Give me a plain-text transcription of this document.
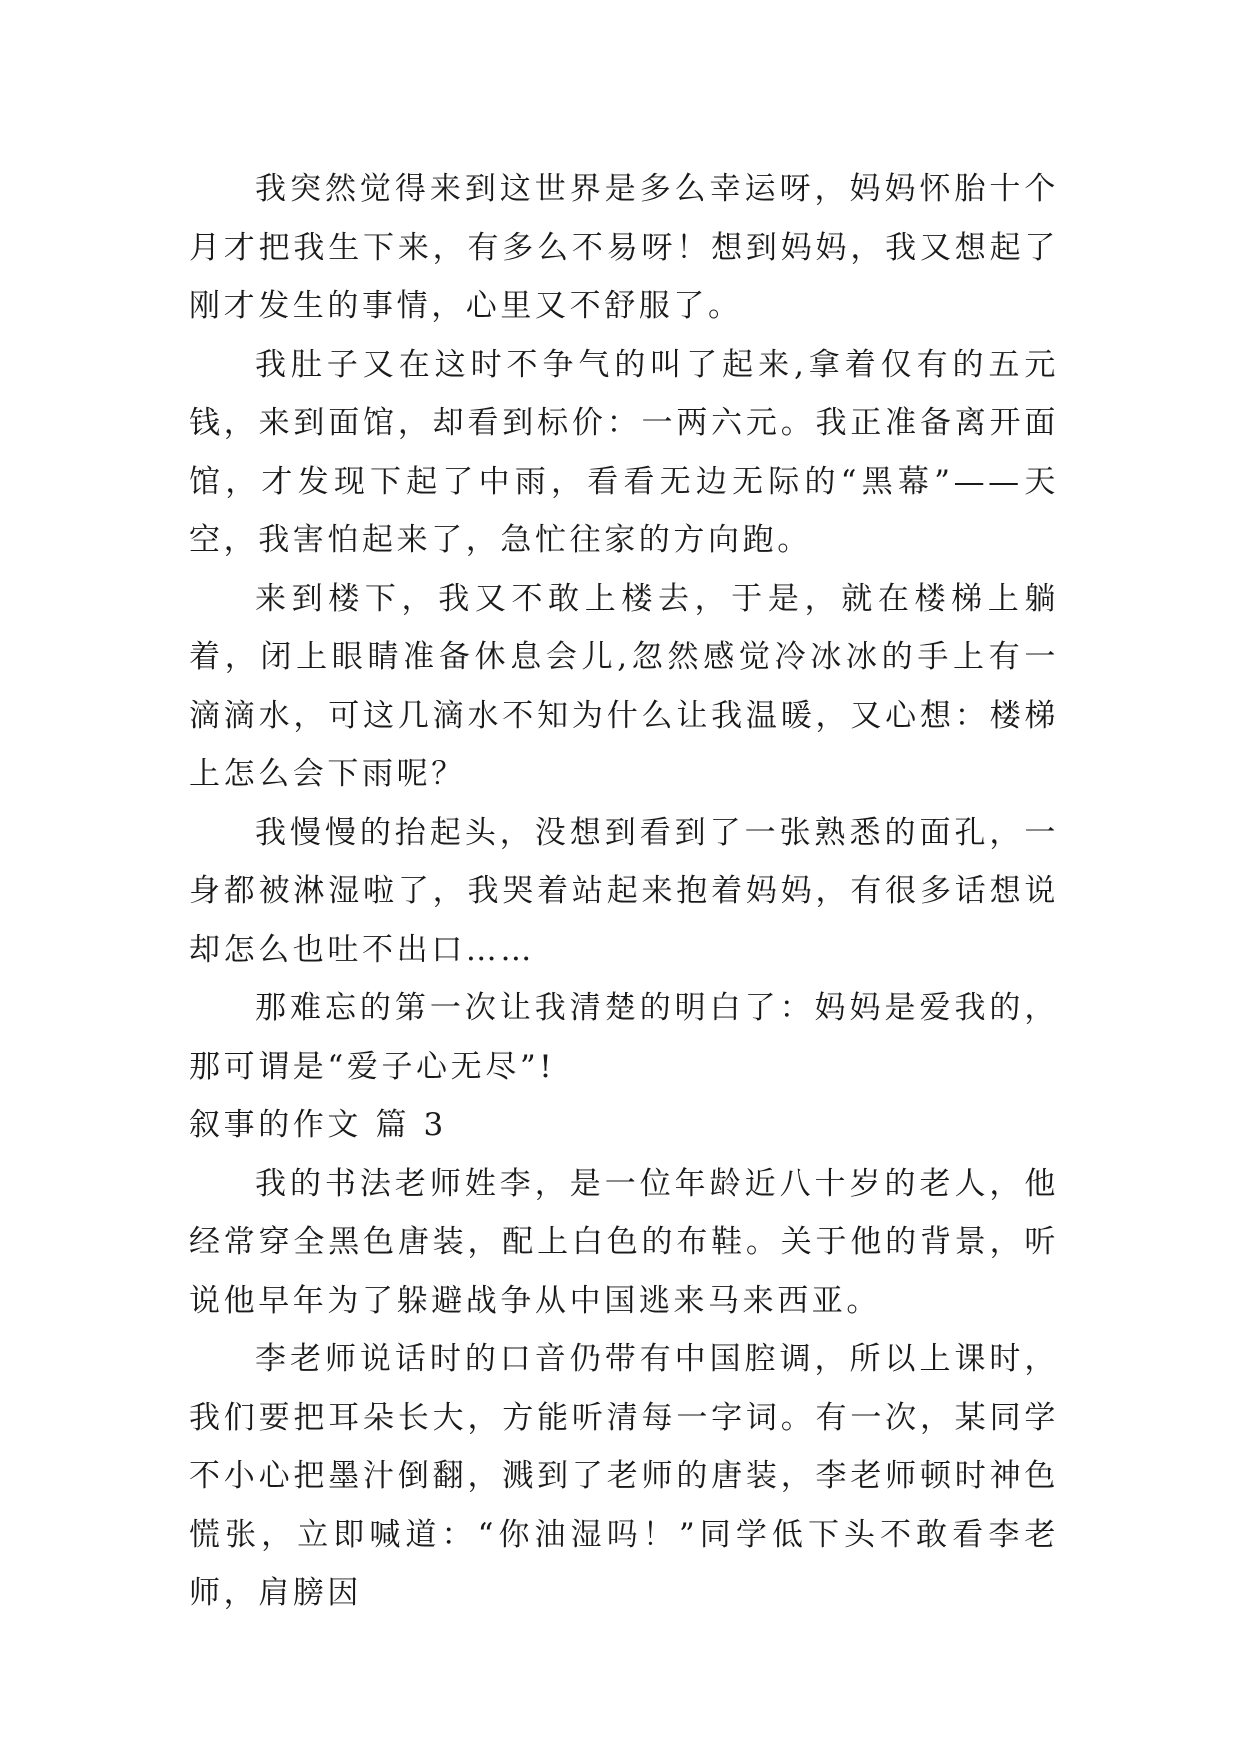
我突然觉得来到这世界是多么幸运呀，妈妈怀胎十个月才把我生下来，有多么不易呀！想到妈妈，我又想起了刚才发生的事情，心里又不舒服了。

我肚子又在这时不争气的叫了起来,拿着仅有的五元钱，来到面馆，却看到标价：一两六元。我正准备离开面馆，才发现下起了中雨，看看无边无际的“黑幕”——天空，我害怕起来了，急忙往家的方向跑。

来到楼下，我又不敢上楼去，于是，就在楼梯上躺着，闭上眼睛准备休息会儿,忽然感觉冷冰冰的手上有一滴滴水，可这几滴水不知为什么让我温暖，又心想：楼梯上怎么会下雨呢？

我慢慢的抬起头，没想到看到了一张熟悉的面孔，一身都被淋湿啦了，我哭着站起来抱着妈妈，有很多话想说却怎么也吐不出口……

那难忘的第一次让我清楚的明白了：妈妈是爱我的，那可谓是“爱子心无尽”!

叙事的作文 篇 3

我的书法老师姓李，是一位年龄近八十岁的老人，他经常穿全黑色唐装，配上白色的布鞋。关于他的背景，听说他早年为了躲避战争从中国逃来马来西亚。

李老师说话时的口音仍带有中国腔调，所以上课时，我们要把耳朵长大，方能听清每一字词。有一次，某同学不小心把墨汁倒翻，溅到了老师的唐装，李老师顿时神色慌张，立即喊道：“你油湿吗！”同学低下头不敢看李老师，肩膀因
